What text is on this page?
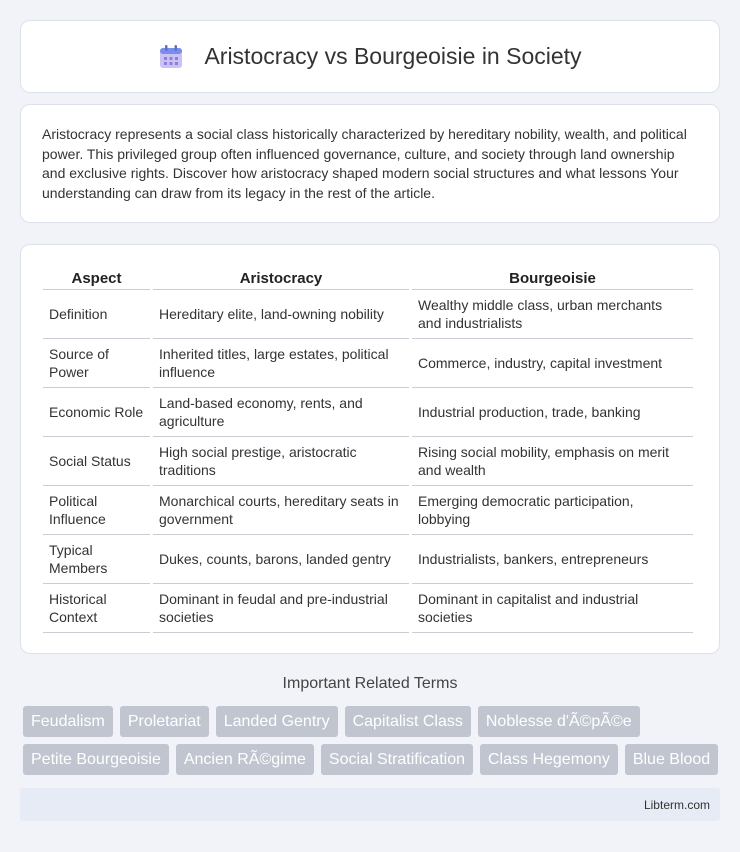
Aristocracy vs Bourgeoisie in Society

Aristocracy represents a social class historically characterized by hereditary nobility, wealth, and political power. This privileged group often influenced governance, culture, and society through land ownership and exclusive rights. Discover how aristocracy shaped modern social structures and what lessons Your understanding can draw from its legacy in the rest of the article.

Aspect	Aristocracy	Bourgeoisie
Definition	Hereditary elite, land-owning nobility	Wealthy middle class, urban merchants and industrialists
Source of Power	Inherited titles, large estates, political influence	Commerce, industry, capital investment
Economic Role	Land-based economy, rents, and agriculture	Industrial production, trade, banking
Social Status	High social prestige, aristocratic traditions	Rising social mobility, emphasis on merit and wealth
Political Influence	Monarchical courts, hereditary seats in government	Emerging democratic participation, lobbying
Typical Members	Dukes, counts, barons, landed gentry	Industrialists, bankers, entrepreneurs
Historical Context	Dominant in feudal and pre-industrial societies	Dominant in capitalist and industrial societies
Important Related Terms
Feudalism	Proletariat	Landed Gentry	Capitalist Class	Noblesse d'Ã©pÃ©e
Petite Bourgeoisie	Ancien RÃ©gime	Social Stratification	Class Hegemony	Blue Blood
Libterm.com
